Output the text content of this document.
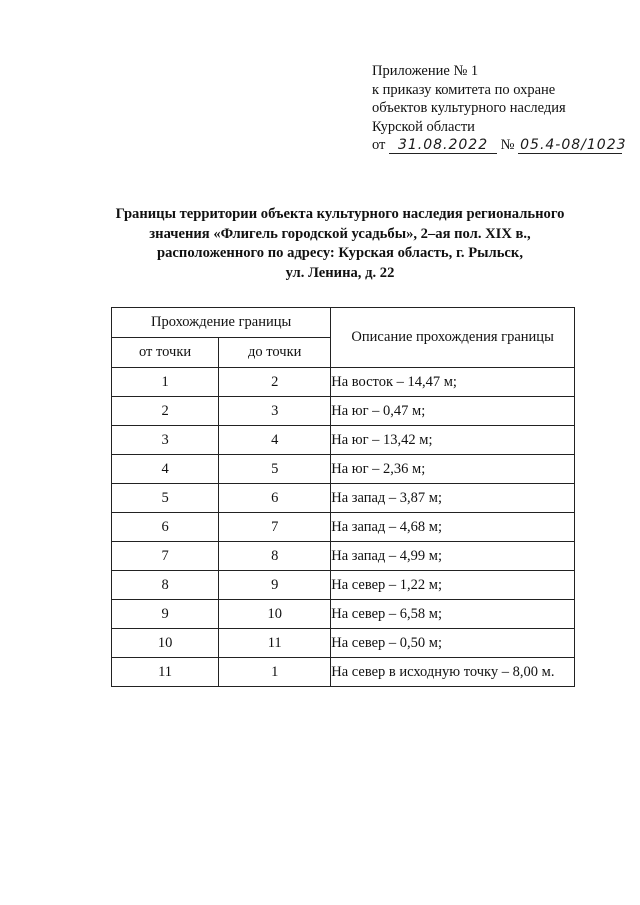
Приложение № 1
к приказу комитета по охране
объектов культурного наследия
Курской области
от 31.08.2022 № 05.4-08/1023
Границы территории объекта культурного наследия регионального
значения «Флигель городской усадьбы», 2–ая пол. XIX в.,
расположенного по адресу: Курская область, г. Рыльск,
ул. Ленина, д. 22
Прохождение границы		Описание прохождения границы
от точки	до точки	
1	2	На восток – 14,47 м;
2	3	На юг – 0,47 м;
3	4	На юг – 13,42 м;
4	5	На юг – 2,36 м;
5	6	На запад – 3,87 м;
6	7	На запад – 4,68 м;
7	8	На запад – 4,99 м;
8	9	На север – 1,22 м;
9	10	На север – 6,58 м;
10	11	На север – 0,50 м;
11	1	На север в исходную точку – 8,00 м.
